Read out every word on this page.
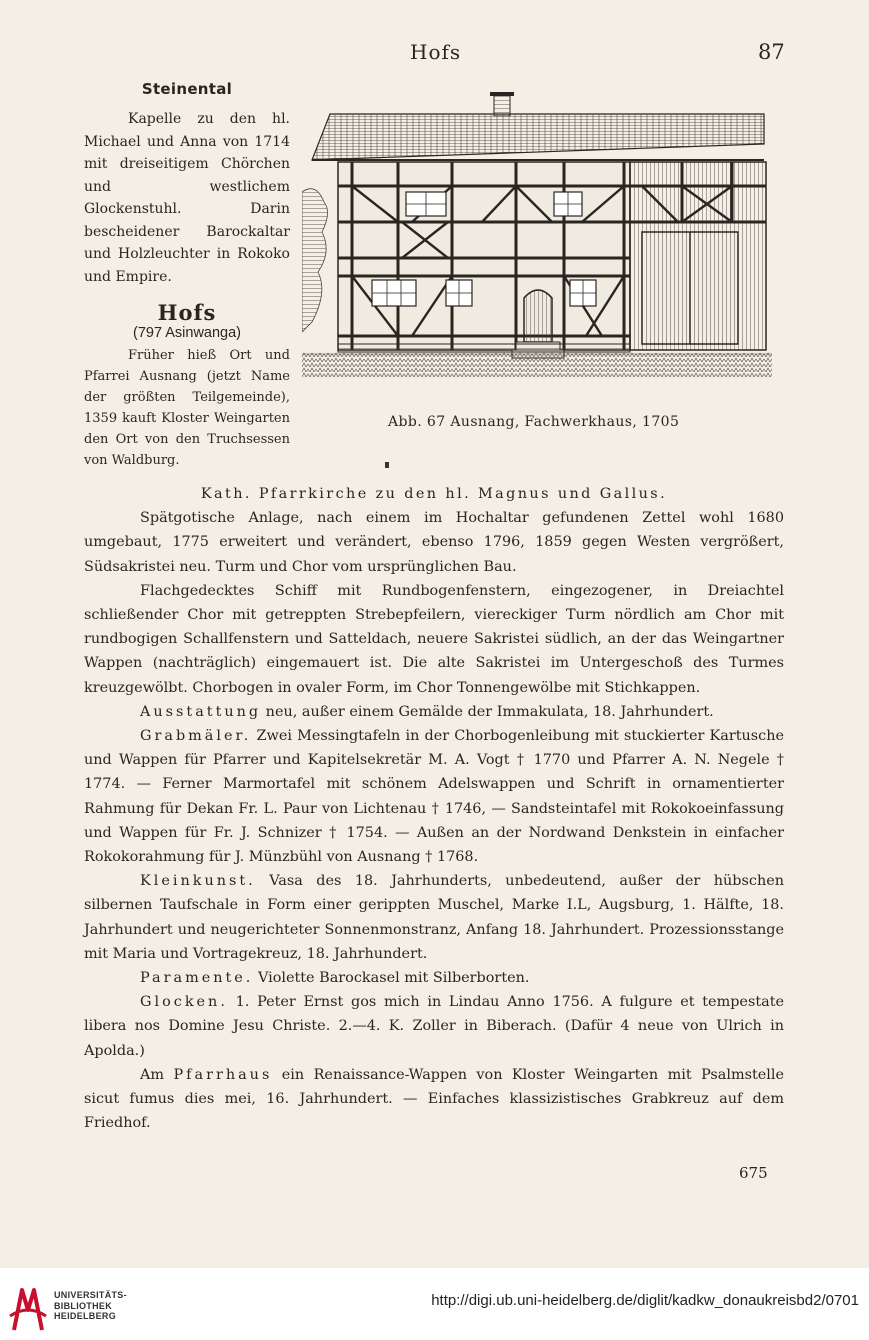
Hofs	87

Steinental

Kapelle zu den hl. Michael und Anna von 1714 mit dreiseitigem Chörchen und westlichem Glockenstuhl. Darin bescheidener Barockaltar und Holzleuchter in Rokoko und Empire.

Hofs

(797 Asinwanga)

Früher hieß Ort und Pfarrei Ausnang (jetzt Name der größten Teilgemeinde), 1359 kauft Kloster Weingarten den Ort von den Truchsessen von Waldburg.

Abb. 67 Ausnang, Fachwerkhaus, 1705

Kath. Pfarrkirche zu den hl. Magnus und Gallus.

Spätgotische Anlage, nach einem im Hochaltar gefundenen Zettel wohl 1680 umgebaut, 1775 erweitert und verändert, ebenso 1796, 1859 gegen Westen vergrößert, Südsakristei neu. Turm und Chor vom ursprünglichen Bau.

Flachgedecktes Schiff mit Rundbogenfenstern, eingezogener, in Dreiachtel schließender Chor mit getreppten Strebepfeilern, viereckiger Turm nördlich am Chor mit rundbogigen Schallfenstern und Satteldach, neuere Sakristei südlich, an der das Weingartner Wappen (nachträglich) eingemauert ist. Die alte Sakristei im Untergeschoß des Turmes kreuzgewölbt. Chorbogen in ovaler Form, im Chor Tonnengewölbe mit Stichkappen.

Ausstattung neu, außer einem Gemälde der Immakulata, 18. Jahrhundert.

Grabmäler. Zwei Messingtafeln in der Chorbogenleibung mit stuckierter Kartusche und Wappen für Pfarrer und Kapitelsekretär M. A. Vogt † 1770 und Pfarrer A. N. Negele † 1774. — Ferner Marmortafel mit schönem Adelswappen und Schrift in ornamentierter Rahmung für Dekan Fr. L. Paur von Lichtenau † 1746, — Sandsteintafel mit Rokokoeinfassung und Wappen für Fr. J. Schnizer † 1754. — Außen an der Nordwand Denkstein in einfacher Rokokorahmung für J. Münzbühl von Ausnang † 1768.

Kleinkunst. Vasa des 18. Jahrhunderts, unbedeutend, außer der hübschen silbernen Taufschale in Form einer gerippten Muschel, Marke I.L, Augsburg, 1. Hälfte, 18. Jahrhundert und neugerichteter Sonnenmonstranz, Anfang 18. Jahrhundert. Prozessionsstange mit Maria und Vortragekreuz, 18. Jahrhundert.

Paramente. Violette Barockasel mit Silberborten.

Glocken. 1. Peter Ernst gos mich in Lindau Anno 1756. A fulgure et tempestate libera nos Domine Jesu Christe. 2.—4. K. Zoller in Biberach. (Dafür 4 neue von Ulrich in Apolda.)

Am Pfarrhaus ein Renaissance-Wappen von Kloster Weingarten mit Psalmstelle sicut fumus dies mei, 16. Jahrhundert. — Einfaches klassizistisches Grabkreuz auf dem Friedhof.

675
UNIVERSITÄTS-
BIBLIOTHEK
HEIDELBERG
http://digi.ub.uni-heidelberg.de/diglit/kadkw_donaukreisbd2/0701
